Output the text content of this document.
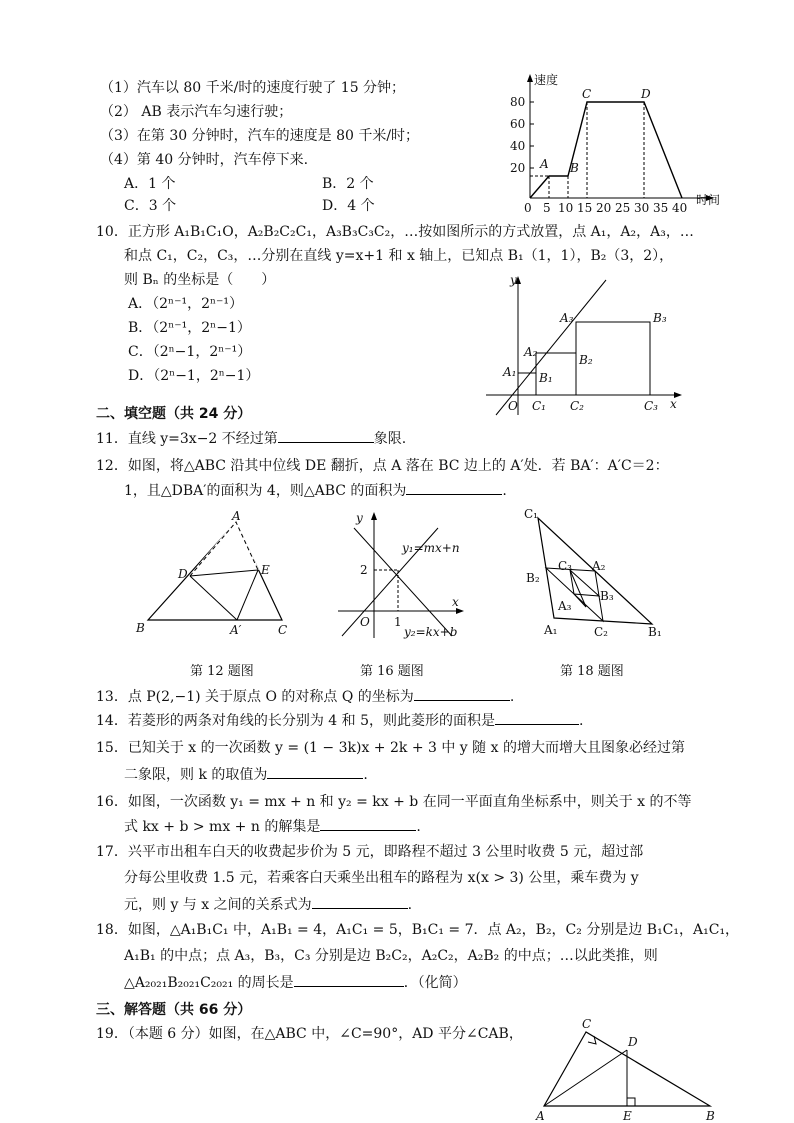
（1）汽车以 80 千米/时的速度行驶了 15 分钟；
（2） AB 表示汽车匀速行驶；
（3）在第 30 分钟时，汽车的速度是 80 千米/时；
（4）第 40 分钟时，汽车停下来.
A．1 个	B．2 个
C．3 个	D．4 个
速度
时间
20
40
60
80
0 5 10 15 20 25 30 35 40
A B
C	D
10．正方形 A₁B₁C₁O，A₂B₂C₂C₁，A₃B₃C₃C₂，…按如图所示的方式放置，点 A₁，A₂，A₃，…
和点 C₁，C₂，C₃，…分别在直线 y=x+1 和 x 轴上，已知点 B₁（1，1），B₂（3，2），
则 Bₙ 的坐标是（　　）
A．（2ⁿ⁻¹，2ⁿ⁻¹）
B．（2ⁿ⁻¹，2ⁿ−1）
C．（2ⁿ−1，2ⁿ⁻¹）
D．（2ⁿ−1，2ⁿ−1）
y
x
O
A₁
A₂
A₃
B₁
B₂
B₃
C₁ C₂	C₃
二、填空题（共 24 分）
11．直线 y=3x−2 不经过第	象限.
12．如图，将△ABC 沿其中位线 DE 翻折，点 A 落在 BC 边上的 A′处．若 BA′：A′C＝2：
1，且△DBA′的面积为 4，则△ABC 的面积为	.
A
D	E
B	A′	C
y
2
y₁=mx+n
x
O 1
y₂=kx+b
C₁
C₃ A₂
B₂
B₃
A₃
A₁	C₂	B₁
第 12 题图	第 16 题图	第 18 题图
13．点 P(2,−1) 关于原点 O 的对称点 Q 的坐标为	.
14．若菱形的两条对角线的长分别为 4 和 5，则此菱形的面积是	.
15．已知关于 x 的一次函数 y = (1 − 3k)x + 2k + 3 中 y 随 x 的增大而增大且图象必经过第
二象限，则 k 的取值为	.
16．如图，一次函数 y₁ = mx + n 和 y₂ = kx + b 在同一平面直角坐标系中，则关于 x 的不等
式 kx + b > mx + n 的解集是	.
17．兴平市出租车白天的收费起步价为 5 元，即路程不超过 3 公里时收费 5 元，超过部
分每公里收费 1.5 元，若乘客白天乘坐出租车的路程为 x(x > 3) 公里，乘车费为 y
元，则 y 与 x 之间的关系式为	.
18．如图，△A₁B₁C₁ 中，A₁B₁ = 4，A₁C₁ = 5，B₁C₁ = 7．点 A₂，B₂，C₂ 分别是边 B₁C₁，A₁C₁，
A₁B₁ 的中点；点 A₃，B₃，C₃ 分别是边 B₂C₂，A₂C₂，A₂B₂ 的中点；…以此类推，则
△A₂₀₂₁B₂₀₂₁C₂₀₂₁ 的周长是	．（化简）
三、解答题（共 66 分）
19．（本题 6 分）如图，在△ABC 中，∠C=90°，AD 平分∠CAB，
C
D
A	E	B
